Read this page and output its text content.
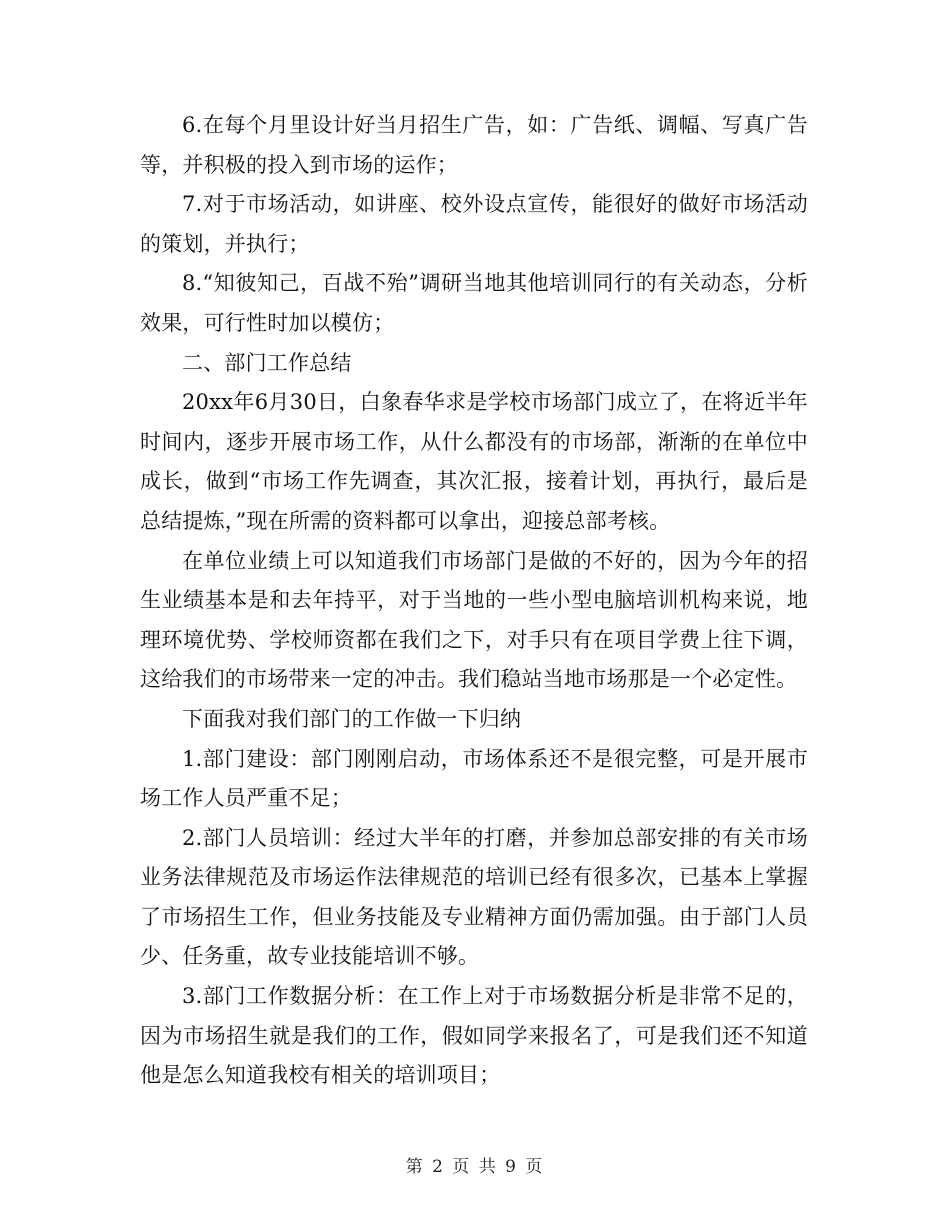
6.在每个月里设计好当月招生广告，如：广告纸、调幅、写真广告等，并积极的投入到市场的运作；

7.对于市场活动，如讲座、校外设点宣传，能很好的做好市场活动的策划，并执行；

8.“知彼知己，百战不殆”调研当地其他培训同行的有关动态，分析效果，可行性时加以模仿；

二、部门工作总结

20xx年6月30日，白象春华求是学校市场部门成立了，在将近半年时间内，逐步开展市场工作，从什么都没有的市场部，渐渐的在单位中成长，做到“市场工作先调查，其次汇报，接着计划，再执行，最后是总结提炼，”现在所需的资料都可以拿出，迎接总部考核。

在单位业绩上可以知道我们市场部门是做的不好的，因为今年的招生业绩基本是和去年持平，对于当地的一些小型电脑培训机构来说，地理环境优势、学校师资都在我们之下，对手只有在项目学费上往下调，这给我们的市场带来一定的冲击。我们稳站当地市场那是一个必定性。

下面我对我们部门的工作做一下归纳

1.部门建设：部门刚刚启动，市场体系还不是很完整，可是开展市场工作人员严重不足；

2.部门人员培训：经过大半年的打磨，并参加总部安排的有关市场业务法律规范及市场运作法律规范的培训已经有很多次，已基本上掌握了市场招生工作，但业务技能及专业精神方面仍需加强。由于部门人员少、任务重，故专业技能培训不够。

3.部门工作数据分析：在工作上对于市场数据分析是非常不足的，因为市场招生就是我们的工作，假如同学来报名了，可是我们还不知道他是怎么知道我校有相关的培训项目；

第 2 页 共 9 页
